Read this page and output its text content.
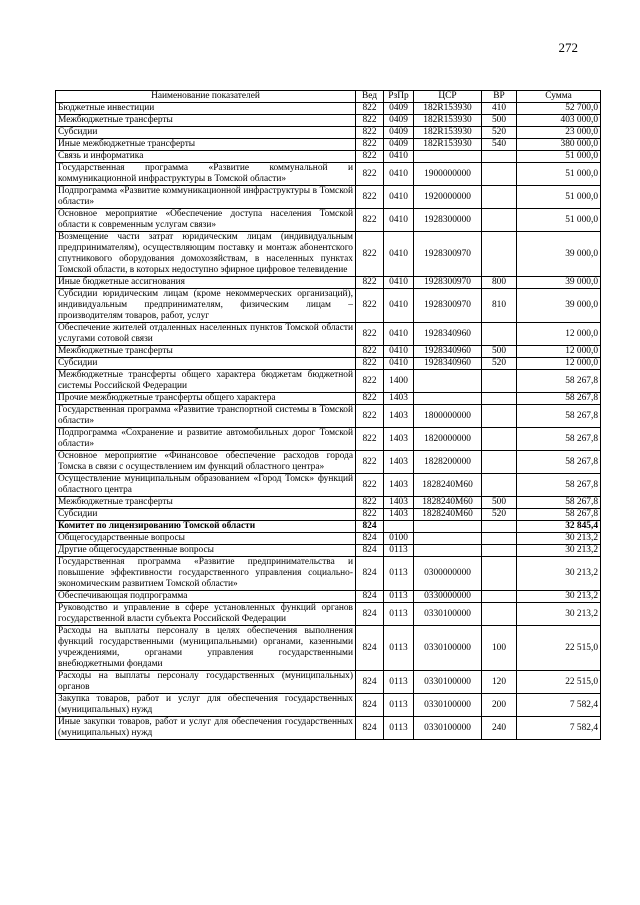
272
Наименование показателей	Вед	РзПр	ЦСР	ВР	Сумма
Бюджетные инвестиции	822	0409	182R153930	410	52 700,0
Межбюджетные трансферты	822	0409	182R153930	500	403 000,0
Субсидии	822	0409	182R153930	520	23 000,0
Иные межбюджетные трансферты	822	0409	182R153930	540	380 000,0
Связь и информатика	822	0410			51 000,0
Государственная программа «Развитие коммунальной и коммуникационной инфраструктуры в Томской области»	822	0410	1900000000		51 000,0
Подпрограмма «Развитие коммуникационной инфраструктуры в Томской области»	822	0410	1920000000		51 000,0
Основное мероприятие «Обеспечение доступа населения Томской области к современным услугам связи»	822	0410	1928300000		51 000,0
Возмещение части затрат юридическим лицам (индивидуальным предпринимателям), осуществляющим поставку и монтаж абонентского спутникового оборудования домохозяйствам, в населенных пунктах Томской области, в которых недоступно эфирное цифровое телевидение	822	0410	1928300970		39 000,0
Иные бюджетные ассигнования	822	0410	1928300970	800	39 000,0
Субсидии юридическим лицам (кроме некоммерческих организаций), индивидуальным предпринимателям, физическим лицам – производителям товаров, работ, услуг	822	0410	1928300970	810	39 000,0
Обеспечение жителей отдаленных населенных пунктов Томской области услугами сотовой связи	822	0410	1928340960		12 000,0
Межбюджетные трансферты	822	0410	1928340960	500	12 000,0
Субсидии	822	0410	1928340960	520	12 000,0
Межбюджетные трансферты общего характера бюджетам бюджетной системы Российской Федерации	822	1400			58 267,8
Прочие межбюджетные трансферты общего характера	822	1403			58 267,8
Государственная программа «Развитие транспортной системы в Томской области»	822	1403	1800000000		58 267,8
Подпрограмма «Сохранение и развитие автомобильных дорог Томской области»	822	1403	1820000000		58 267,8
Основное мероприятие «Финансовое обеспечение расходов города Томска в связи с осуществлением им функций областного центра»	822	1403	1828200000		58 267,8
Осуществление муниципальным образованием «Город Томск» функций областного центра	822	1403	1828240М60		58 267,8
Межбюджетные трансферты	822	1403	1828240М60	500	58 267,8
Субсидии	822	1403	1828240М60	520	58 267,8
Комитет по лицензированию Томской области	824				32 845,4
Общегосударственные вопросы	824	0100			30 213,2
Другие общегосударственные вопросы	824	0113			30 213,2
Государственная программа «Развитие предпринимательства и повышение эффективности государственного управления социально-экономическим развитием Томской области»	824	0113	0300000000		30 213,2
Обеспечивающая подпрограмма	824	0113	0330000000		30 213,2
Руководство и управление в сфере установленных функций органов государственной власти субъекта Российской Федерации	824	0113	0330100000		30 213,2
Расходы на выплаты персоналу в целях обеспечения выполнения функций государственными (муниципальными) органами, казенными учреждениями, органами управления государственными внебюджетными фондами	824	0113	0330100000	100	22 515,0
Расходы на выплаты персоналу государственных (муниципальных) органов	824	0113	0330100000	120	22 515,0
Закупка товаров, работ и услуг для обеспечения государственных (муниципальных) нужд	824	0113	0330100000	200	7 582,4
Иные закупки товаров, работ и услуг для обеспечения государственных (муниципальных) нужд	824	0113	0330100000	240	7 582,4
